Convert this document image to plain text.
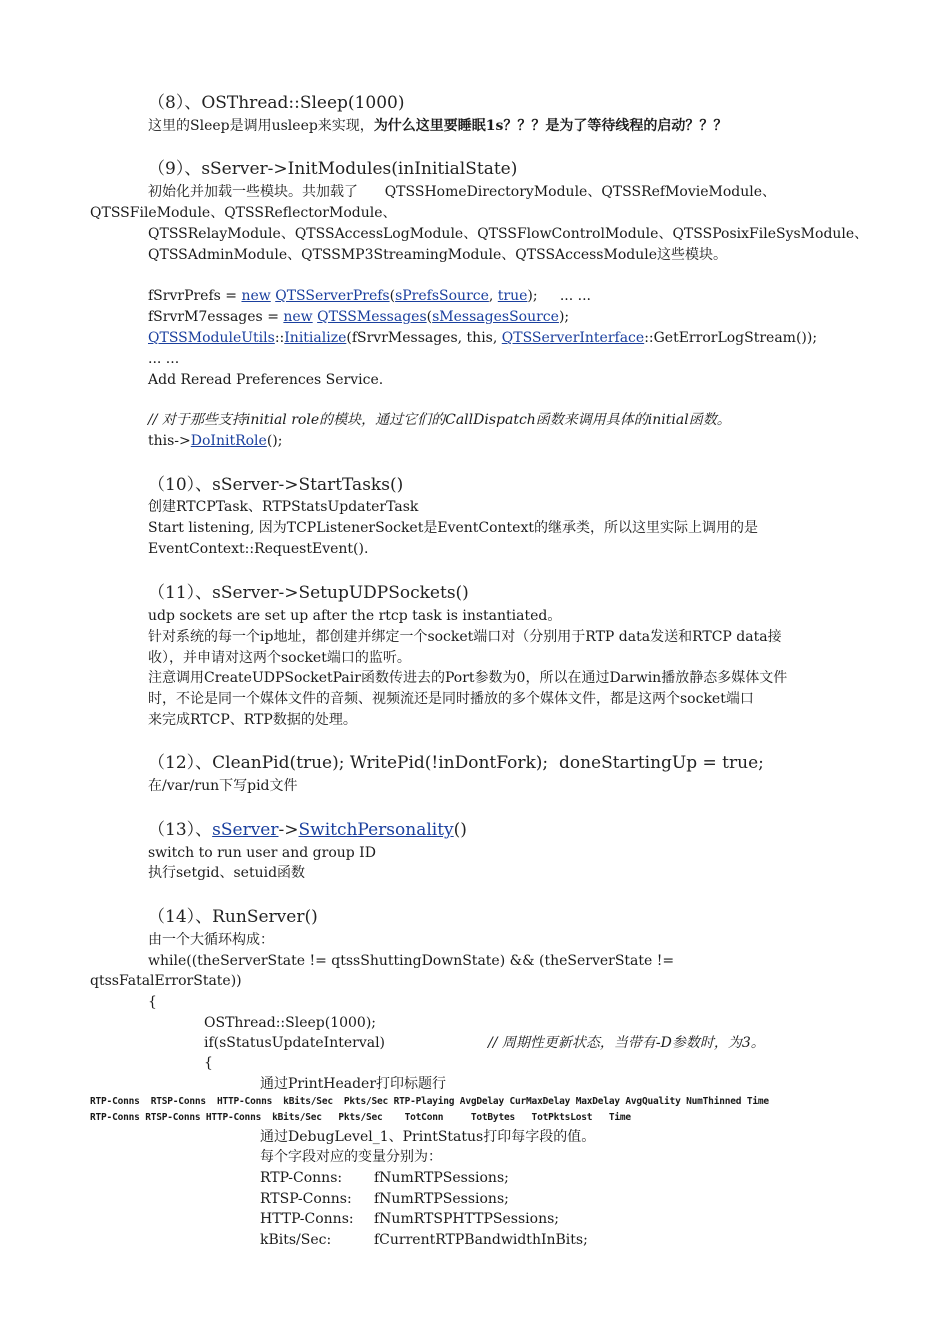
（8）、OSThread::Sleep(1000)
这里的Sleep是调用usleep来实现，为什么这里要睡眠1s？？？是为了等待线程的启动？？？
（9）、sServer->InitModules(inInitialState)
初始化并加载一些模块。共加载了      QTSSHomeDirectoryModule、QTSSRefMovieModule、
QTSSFileModule、QTSSReflectorModule、
QTSSRelayModule、QTSSAccessLogModule、QTSSFlowControlModule、QTSSPosixFileSysModule、
QTSSAdminModule、QTSSMP3StreamingModule、QTSSAccessModule这些模块。
fSrvrPrefs = new QTSServerPrefs(sPrefsSource, true);     ... ...
fSrvrM7essages = new QTSSMessages(sMessagesSource);
QTSSModuleUtils::Initialize(fSrvrMessages, this, QTSServerInterface::GetErrorLogStream());
... ...
Add Reread Preferences Service.
// 对于那些支持initial role的模块，通过它们的CallDispatch函数来调用具体的initial函数。
this->DoInitRole();
（10）、sServer->StartTasks()
创建RTCPTask、RTPStatsUpdaterTask
Start listening, 因为TCPListenerSocket是EventContext的继承类，所以这里实际上调用的是
EventContext::RequestEvent().
（11）、sServer->SetupUDPSockets()
udp sockets are set up after the rtcp task is instantiated。
针对系统的每一个ip地址，都创建并绑定一个socket端口对（分别用于RTP data发送和RTCP data接
收），并申请对这两个socket端口的监听。
注意调用CreateUDPSocketPair函数传进去的Port参数为0，所以在通过Darwin播放静态多媒体文件
时，不论是同一个媒体文件的音频、视频流还是同时播放的多个媒体文件，都是这两个socket端口
来完成RTCP、RTP数据的处理。
（12）、CleanPid(true); WritePid(!inDontFork);  doneStartingUp = true;
在/var/run下写pid文件
（13）、sServer->SwitchPersonality()
switch to run user and group ID
执行setgid、setuid函数
（14）、RunServer()
由一个大循环构成：
while((theServerState != qtssShuttingDownState) && (theServerState !=
qtssFatalErrorState))
{
OSThread::Sleep(1000);
if(sStatusUpdateInterval)	// 周期性更新状态，当带有-D参数时，为3。
{
通过PrintHeader打印标题行
RTP-Conns  RTSP-Conns  HTTP-Conns  kBits/Sec  Pkts/Sec RTP-Playing AvgDelay CurMaxDelay MaxDelay AvgQuality NumThinned Time
RTP-Conns RTSP-Conns HTTP-Conns  kBits/Sec   Pkts/Sec    TotConn     TotBytes   TotPktsLost   Time
通过DebugLevel_1、PrintStatus打印每字段的值。
每个字段对应的变量分别为：
RTP-Conns: fNumRTPSessions;
RTSP-Conns: fNumRTPSessions;
HTTP-Conns: fNumRTSPHTTPSessions;
kBits/Sec:	fCurrentRTPBandwidthInBits;
